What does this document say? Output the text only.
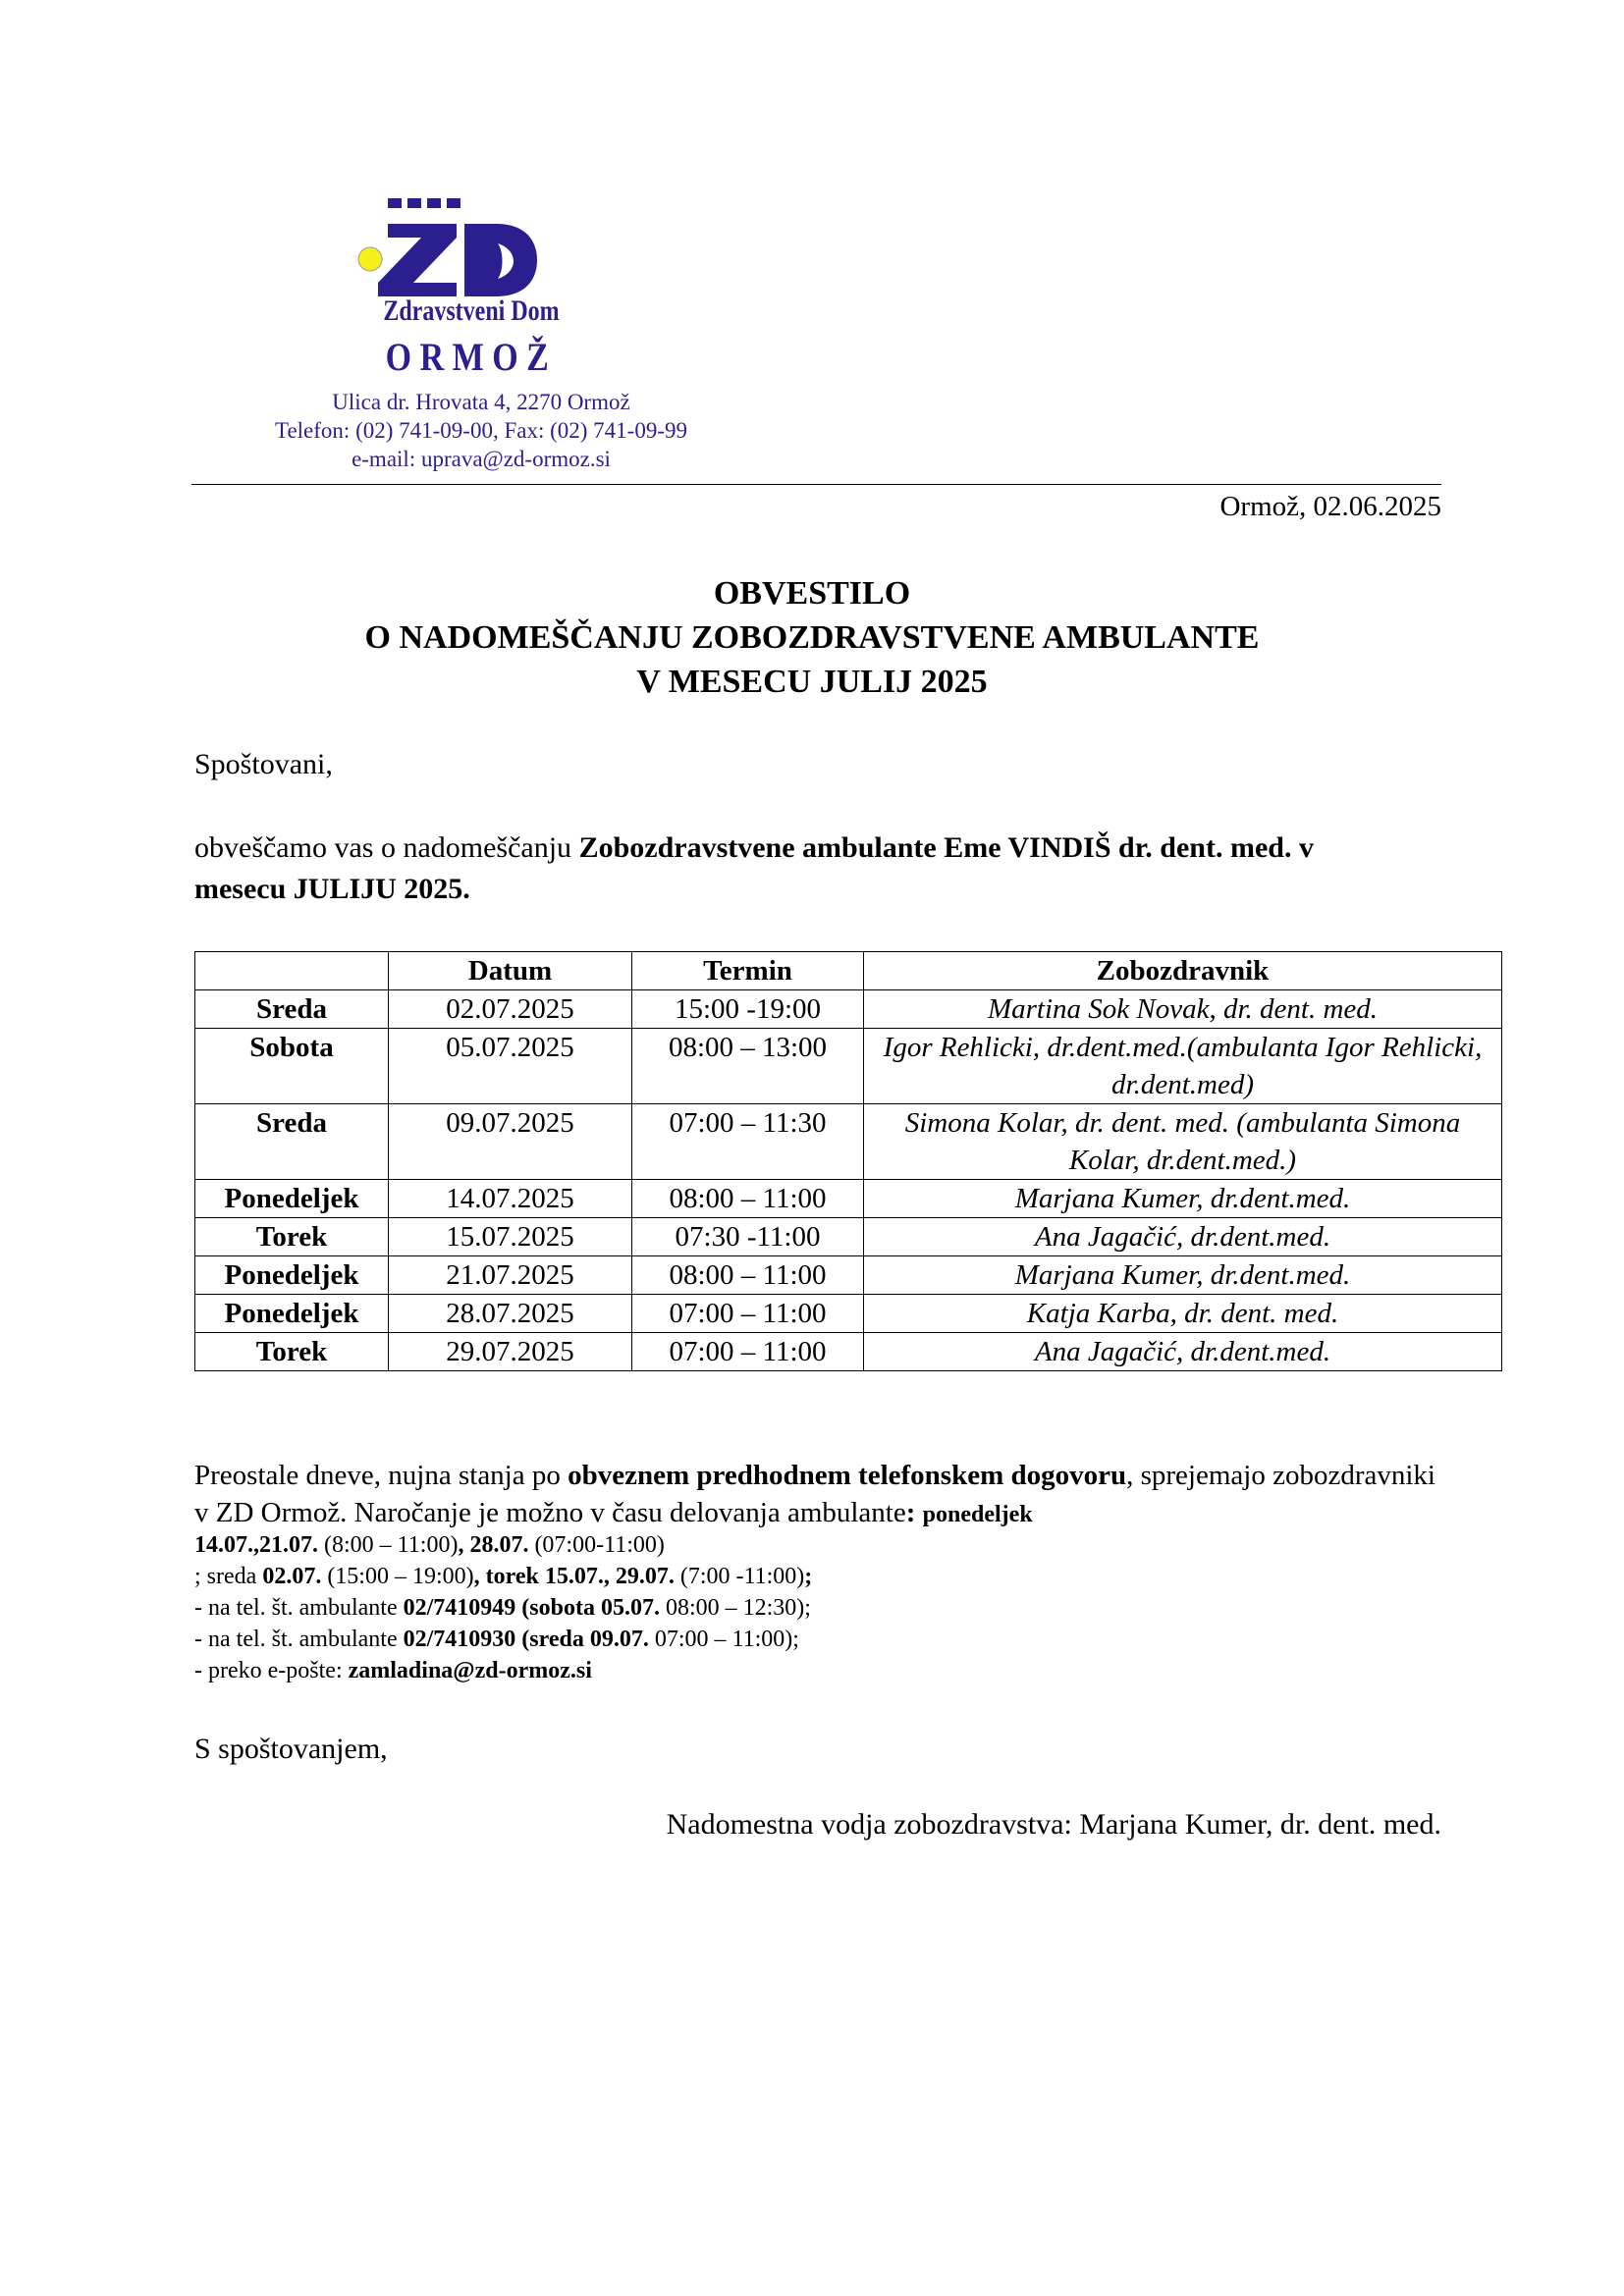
Zdravstveni Dom
ORMOŽ
Ulica dr. Hrovata 4, 2270 Ormož
Telefon: (02) 741-09-00, Fax: (02) 741-09-99
e-mail: uprava@zd-ormoz.si
Ormož, 02.06.2025
OBVESTILO
O NADOMEŠČANJU ZOBOZDRAVSTVENE AMBULANTE
V MESECU JULIJ 2025
Spoštovani,
obveščamo vas o nadomeščanju Zobozdravstvene ambulante Eme VINDIŠ dr. dent. med. v mesecu JULIJU 2025.
	Datum	Termin	Zobozdravnik
Sreda	02.07.2025	15:00 -19:00	Martina Sok Novak, dr. dent. med.
Sobota	05.07.2025	08:00 – 13:00	Igor Rehlicki, dr.dent.med.(ambulanta Igor Rehlicki, dr.dent.med)
Sreda	09.07.2025	07:00 – 11:30	Simona Kolar, dr. dent. med. (ambulanta Simona Kolar, dr.dent.med.)
Ponedeljek	14.07.2025	08:00 – 11:00	Marjana Kumer, dr.dent.med.
Torek	15.07.2025	07:30 -11:00	Ana Jagačić, dr.dent.med.
Ponedeljek	21.07.2025	08:00 – 11:00	Marjana Kumer, dr.dent.med.
Ponedeljek	28.07.2025	07:00 – 11:00	Katja Karba, dr. dent. med.
Torek	29.07.2025	07:00 – 11:00	Ana Jagačić, dr.dent.med.
Preostale dneve, nujna stanja po obveznem predhodnem telefonskem dogovoru, sprejemajo zobozdravniki v ZD Ormož. Naročanje je možno v času delovanja ambulante: ponedeljek
14.07.,21.07. (8:00 – 11:00), 28.07. (07:00-11:00)
; sreda 02.07. (15:00 – 19:00), torek 15.07., 29.07. (7:00 -11:00);
- na tel. št. ambulante 02/7410949 (sobota 05.07. 08:00 – 12:30);
- na tel. št. ambulante 02/7410930 (sreda 09.07. 07:00 – 11:00);
- preko e-pošte: zamladina@zd-ormoz.si
S spoštovanjem,
Nadomestna vodja zobozdravstva: Marjana Kumer, dr. dent. med.
